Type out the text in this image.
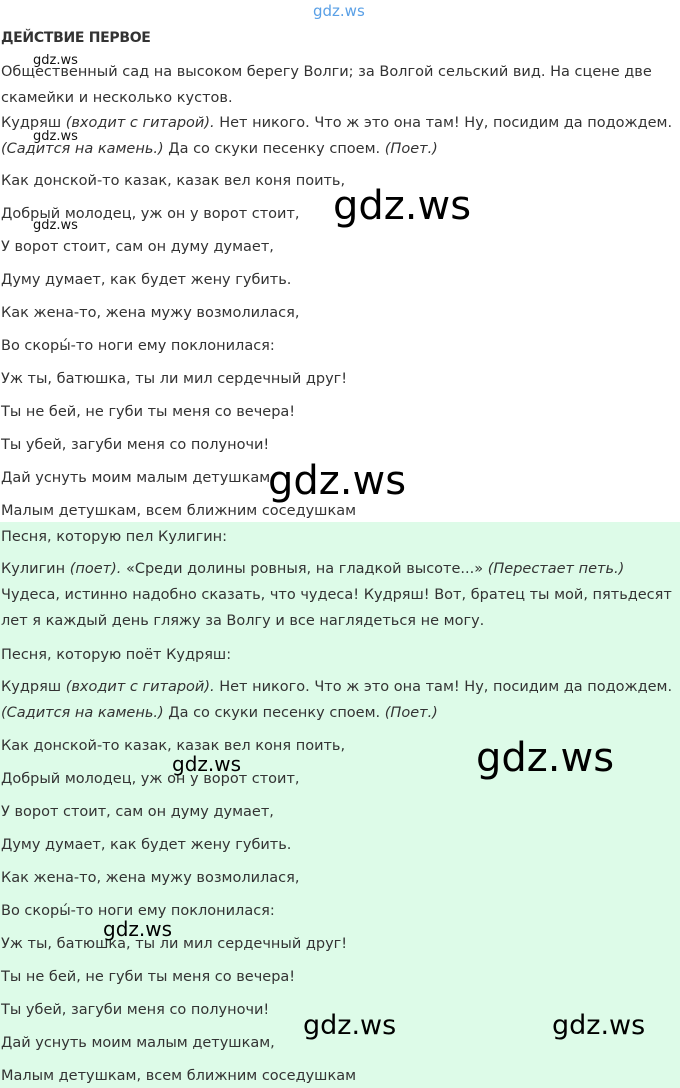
gdz.ws
ДЕЙСТВИЕ ПЕРВОЕ
gdz.ws

Общественный сад на высоком берегу Волги; за Волгой сельский вид. На сцене две скамейки и несколько кустов.

gdz.ws

Кудряш (входит с гитарой). Нет никого. Что ж это она там! Ну, посидим да подождем. (Садится на камень.) Да со скуки песенку споем. (Поет.)

Как донской-то казак, казак вел коня поить,
Добрый молодец, уж он у ворот стоит,
gdz.ws
У ворот стоит, сам он думу думает,
Думу думает, как будет жену губить.
Как жена-то, жена мужу возмолилася,
Во скоры́-то ноги ему поклонилася:
Уж ты, батюшка, ты ли мил сердечный друг!
Ты не бей, не губи ты меня со вечера!
Ты убей, загуби меня со полуночи!
Дай уснуть моим малым детушкам,
Малым детушкам, всем ближним соседушкам
gdz.ws
gdz.ws
Песня, которую пел Кулигин:

Кулигин (поет). «Среди долины ровныя, на гладкой высоте...» (Перестает петь.) Чудеса, истинно надобно сказать, что чудеса! Кудряш! Вот, братец ты мой, пятьдесят лет я каждый день гляжу за Волгу и все наглядеться не могу.

Песня, которую поёт Кудряш:

Кудряш (входит с гитарой). Нет никого. Что ж это она там! Ну, посидим да подождем. (Садится на камень.) Да со скуки песенку споем. (Поет.)

Как донской-то казак, казак вел коня поить,
Добрый молодец, уж он у ворот стоит,
У ворот стоит, сам он думу думает,
Думу думает, как будет жену губить.
Как жена-то, жена мужу возмолилася,
Во скоры́-то ноги ему поклонилася:
Уж ты, батюшка, ты ли мил сердечный друг!
Ты не бей, не губи ты меня со вечера!
Ты убей, загуби меня со полуночи!
Дай уснуть моим малым детушкам,
Малым детушкам, всем ближним соседушкам
gdz.ws
gdz.ws
gdz.ws
gdz.ws	gdz.ws
